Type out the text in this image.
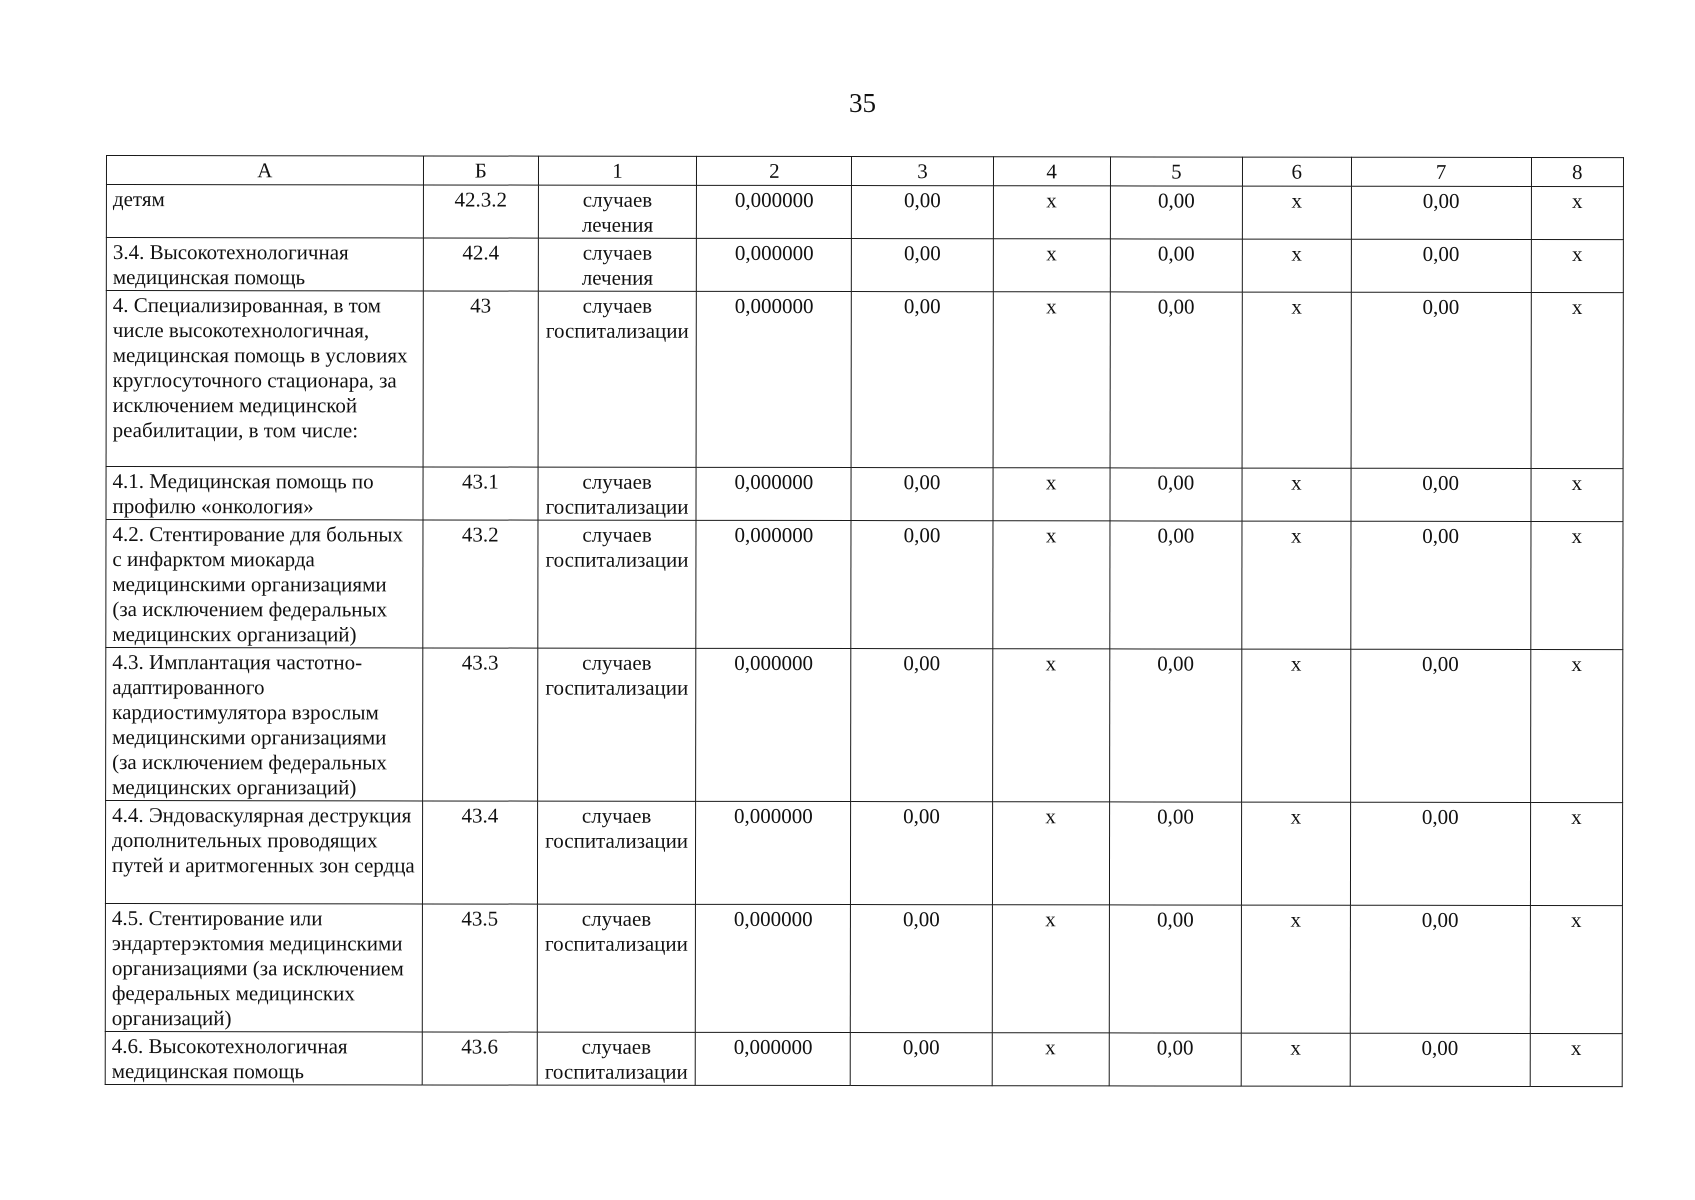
35
А	Б	1	2	3	4	5	6	7	8
детям	42.3.2	случаев лечения	0,000000	0,00	х	0,00	х	0,00	х
3.4. Высокотехнологичная медицинская помощь	42.4	случаев лечения	0,000000	0,00	х	0,00	х	0,00	х
4. Специализированная, в том числе высокотехнологичная, медицинская помощь в условиях круглосуточного стационара, за исключением медицинской реабилитации, в том числе:	43	случаев госпитализации	0,000000	0,00	х	0,00	х	0,00	х
4.1. Медицинская помощь по профилю «онкология»	43.1	случаев госпитализации	0,000000	0,00	х	0,00	х	0,00	х
4.2. Стентирование для больных с инфарктом миокарда медицинскими организациями (за исключением федеральных медицинских организаций)	43.2	случаев госпитализации	0,000000	0,00	х	0,00	х	0,00	х
4.3. Имплантация частотно-адаптированного кардиостимулятора взрослым медицинскими организациями (за исключением федеральных медицинских организаций)	43.3	случаев госпитализации	0,000000	0,00	х	0,00	х	0,00	х
4.4. Эндоваскулярная деструкция дополнительных проводящих путей и аритмогенных зон сердца	43.4	случаев госпитализации	0,000000	0,00	х	0,00	х	0,00	х
4.5. Стентирование или эндартерэктомия медицинскими организациями (за исключением федеральных медицинских организаций)	43.5	случаев госпитализации	0,000000	0,00	х	0,00	х	0,00	х
4.6. Высокотехнологичная медицинская помощь	43.6	случаев госпитализации	0,000000	0,00	х	0,00	х	0,00	х
